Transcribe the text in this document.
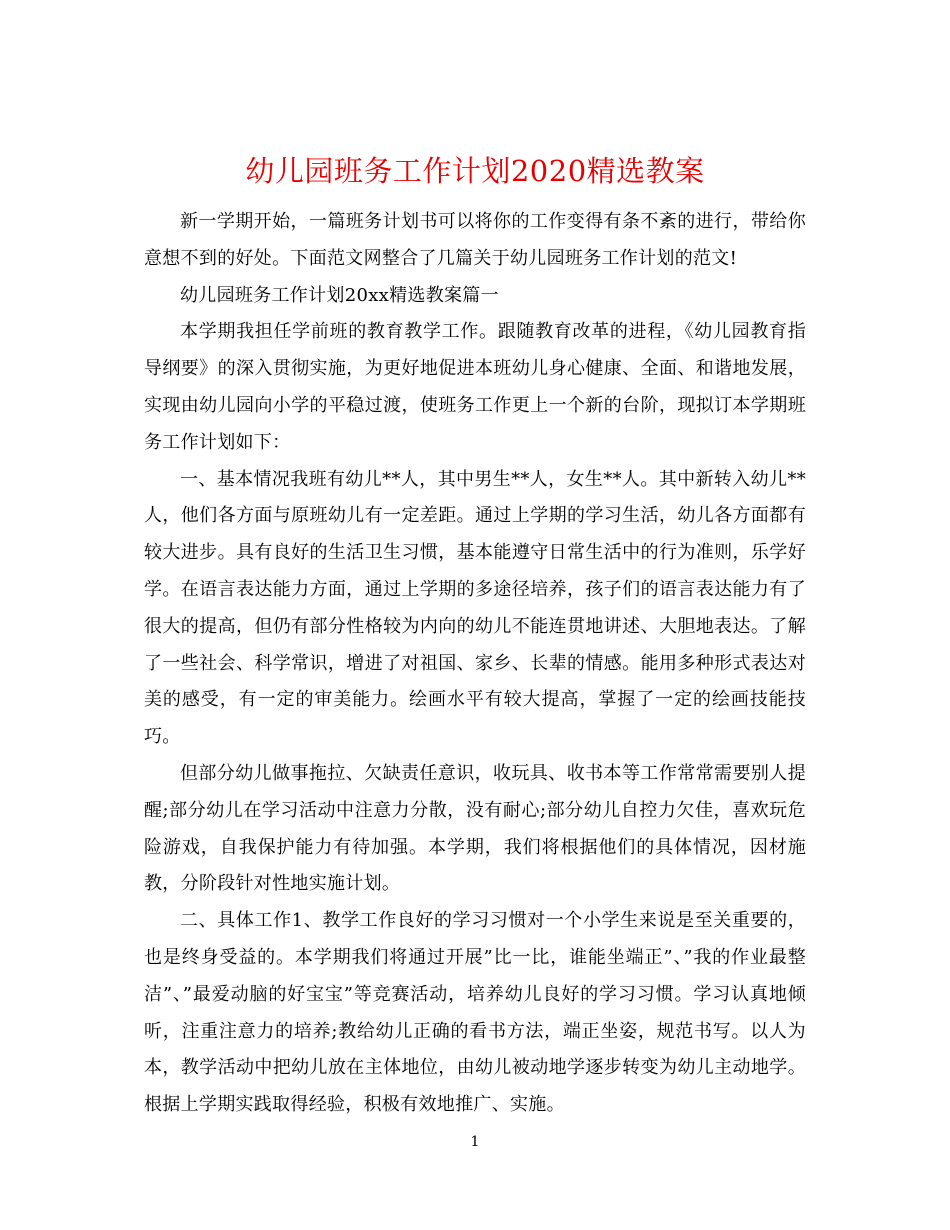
幼儿园班务工作计划2020精选教案

新一学期开始，一篇班务计划书可以将你的工作变得有条不紊的进行，带给你意想不到的好处。下面范文网整合了几篇关于幼儿园班务工作计划的范文!

幼儿园班务工作计划20xx精选教案篇一

本学期我担任学前班的教育教学工作。跟随教育改革的进程，《幼儿园教育指导纲要》的深入贯彻实施，为更好地促进本班幼儿身心健康、全面、和谐地发展，实现由幼儿园向小学的平稳过渡，使班务工作更上一个新的台阶，现拟订本学期班务工作计划如下：

一、基本情况我班有幼儿**人，其中男生**人，女生**人。其中新转入幼儿**人，他们各方面与原班幼儿有一定差距。通过上学期的学习生活，幼儿各方面都有较大进步。具有良好的生活卫生习惯，基本能遵守日常生活中的行为准则，乐学好学。在语言表达能力方面，通过上学期的多途径培养，孩子们的语言表达能力有了很大的提高，但仍有部分性格较为内向的幼儿不能连贯地讲述、大胆地表达。了解了一些社会、科学常识，增进了对祖国、家乡、长辈的情感。能用多种形式表达对美的感受，有一定的审美能力。绘画水平有较大提高，掌握了一定的绘画技能技巧。

但部分幼儿做事拖拉、欠缺责任意识，收玩具、收书本等工作常常需要别人提醒;部分幼儿在学习活动中注意力分散，没有耐心;部分幼儿自控力欠佳，喜欢玩危险游戏，自我保护能力有待加强。本学期，我们将根据他们的具体情况，因材施教，分阶段针对性地实施计划。

二、具体工作1、教学工作良好的学习习惯对一个小学生来说是至关重要的，也是终身受益的。本学期我们将通过开展”比一比，谁能坐端正”、”我的作业最整洁”、”最爱动脑的好宝宝”等竞赛活动，培养幼儿良好的学习习惯。学习认真地倾听，注重注意力的培养;教给幼儿正确的看书方法，端正坐姿，规范书写。以人为本，教学活动中把幼儿放在主体地位，由幼儿被动地学逐步转变为幼儿主动地学。根据上学期实践取得经验，积极有效地推广、实施。

1
